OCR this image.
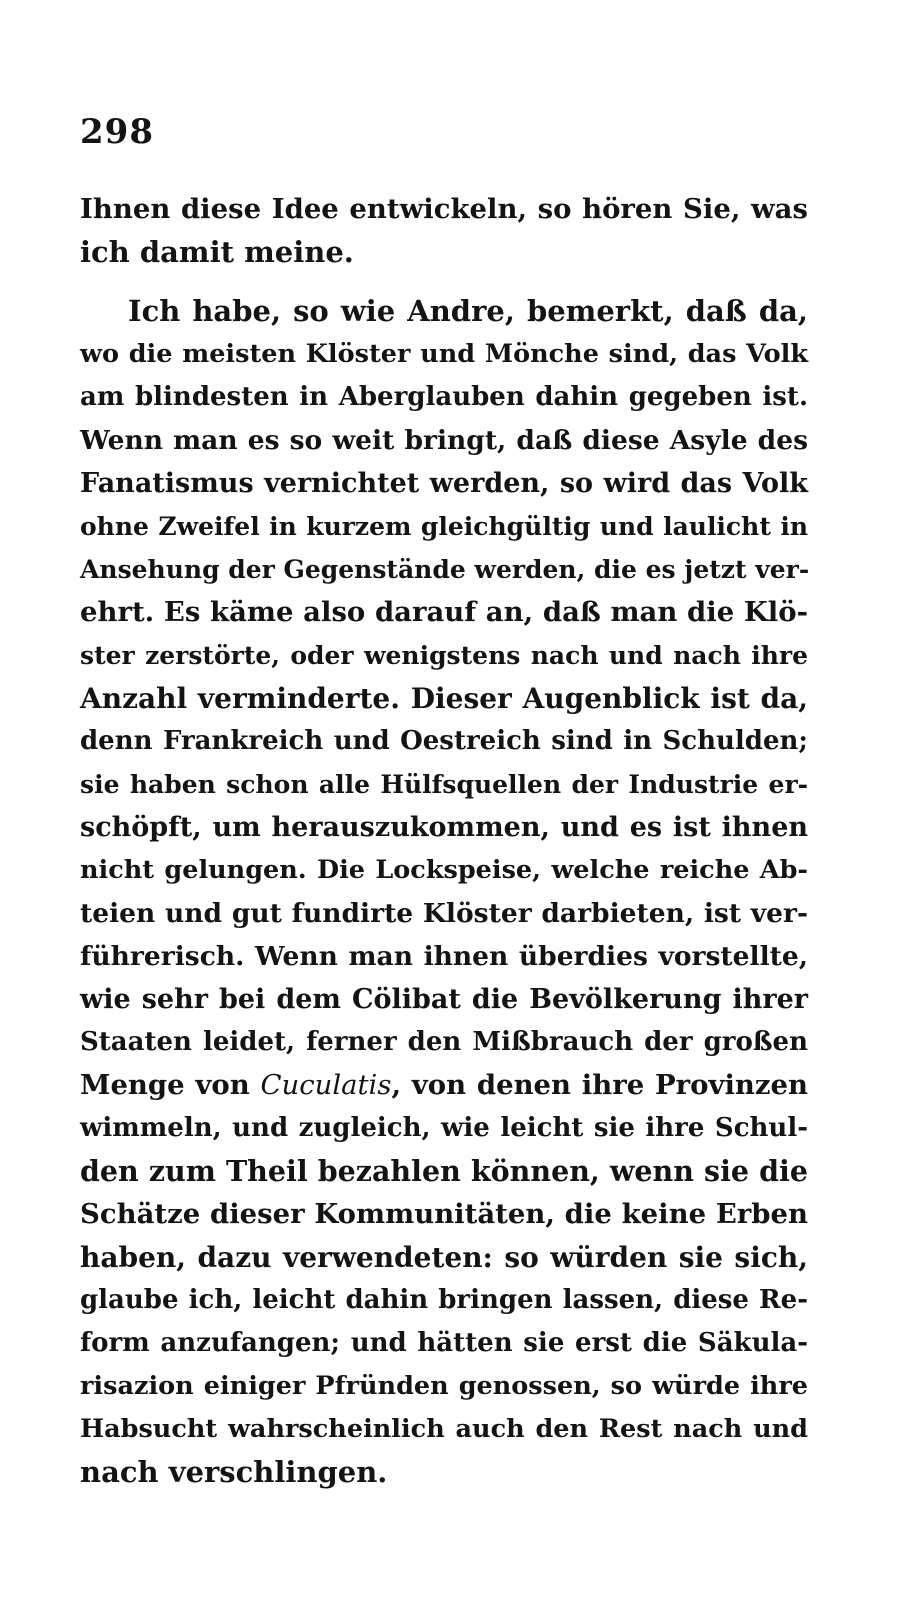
298
Ihnen diese Idee entwickeln, so hören Sie, was
ich damit meine.
Ich habe, so wie Andre, bemerkt, daß da,
wo die meisten Klöster und Mönche sind, das Volk
am blindesten in Aberglauben dahin gegeben ist.
Wenn man es so weit bringt, daß diese Asyle des
Fanatismus vernichtet werden, so wird das Volk
ohne Zweifel in kurzem gleichgültig und laulicht in
Ansehung der Gegenstände werden, die es jetzt ver-
ehrt. Es käme also darauf an, daß man die Klö-
ster zerstörte, oder wenigstens nach und nach ihre
Anzahl verminderte. Dieser Augenblick ist da,
denn Frankreich und Oestreich sind in Schulden;
sie haben schon alle Hülfsquellen der Industrie er-
schöpft, um herauszukommen, und es ist ihnen
nicht gelungen. Die Lockspeise, welche reiche Ab-
teien und gut fundirte Klöster darbieten, ist ver-
führerisch. Wenn man ihnen überdies vorstellte,
wie sehr bei dem Cölibat die Bevölkerung ihrer
Staaten leidet, ferner den Mißbrauch der großen
Menge von Cuculatis, von denen ihre Provinzen
wimmeln, und zugleich, wie leicht sie ihre Schul-
den zum Theil bezahlen können, wenn sie die
Schätze dieser Kommunitäten, die keine Erben
haben, dazu verwendeten: so würden sie sich,
glaube ich, leicht dahin bringen lassen, diese Re-
form anzufangen; und hätten sie erst die Säkula-
risazion einiger Pfründen genossen, so würde ihre
Habsucht wahrscheinlich auch den Rest nach und
nach verschlingen.
